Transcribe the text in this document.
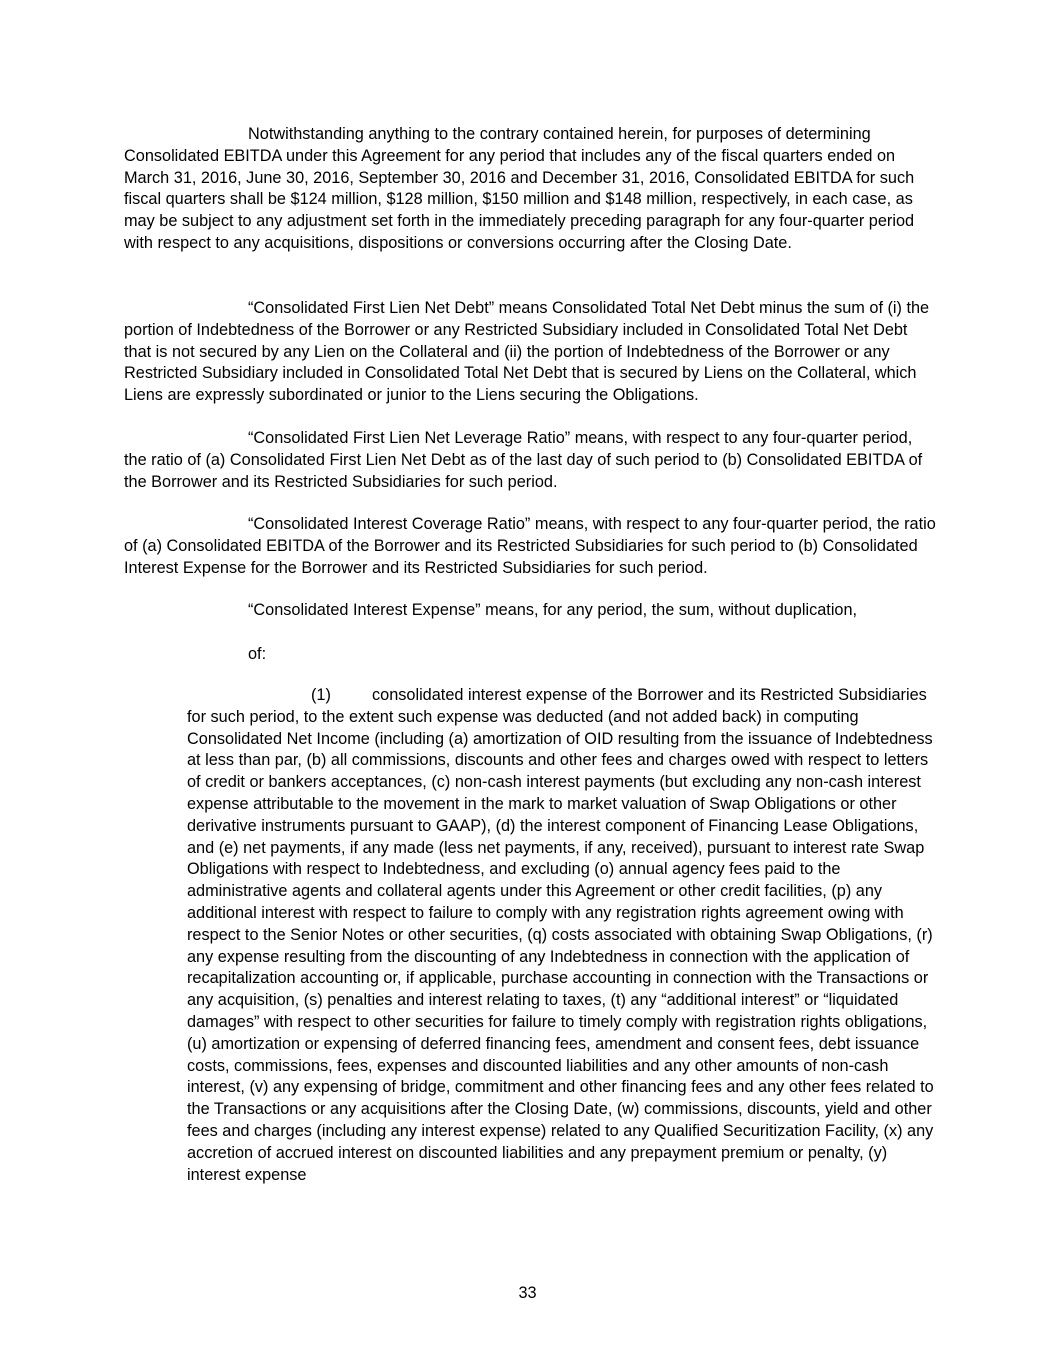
Notwithstanding anything to the contrary contained herein, for purposes of determining Consolidated EBITDA under this Agreement for any period that includes any of the fiscal quarters ended on March 31, 2016, June 30, 2016, September 30, 2016 and December 31, 2016, Consolidated EBITDA for such fiscal quarters shall be $124 million, $128 million, $150 million and $148 million, respectively, in each case, as may be subject to any adjustment set forth in the immediately preceding paragraph for any four-quarter period with respect to any acquisitions, dispositions or conversions occurring after the Closing Date.

“Consolidated First Lien Net Debt” means Consolidated Total Net Debt minus the sum of (i) the portion of Indebtedness of the Borrower or any Restricted Subsidiary included in Consolidated Total Net Debt that is not secured by any Lien on the Collateral and (ii) the portion of Indebtedness of the Borrower or any Restricted Subsidiary included in Consolidated Total Net Debt that is secured by Liens on the Collateral, which Liens are expressly subordinated or junior to the Liens securing the Obligations.

“Consolidated First Lien Net Leverage Ratio” means, with respect to any four-quarter period, the ratio of (a) Consolidated First Lien Net Debt as of the last day of such period to (b) Consolidated EBITDA of the Borrower and its Restricted Subsidiaries for such period.

“Consolidated Interest Coverage Ratio” means, with respect to any four-quarter period, the ratio of (a) Consolidated EBITDA of the Borrower and its Restricted Subsidiaries for such period to (b) Consolidated Interest Expense for the Borrower and its Restricted Subsidiaries for such period.

“Consolidated Interest Expense” means, for any period, the sum, without duplication,

of:

(1)	consolidated interest expense of the Borrower and its Restricted Subsidiaries for such period, to the extent such expense was deducted (and not added back) in computing Consolidated Net Income (including (a) amortization of OID resulting from the issuance of Indebtedness at less than par, (b) all commissions, discounts and other fees and charges owed with respect to letters of credit or bankers acceptances, (c) non-cash interest payments (but excluding any non-cash interest expense attributable to the movement in the mark to market valuation of Swap Obligations or other derivative instruments pursuant to GAAP), (d) the interest component of Financing Lease Obligations, and (e) net payments, if any made (less net payments, if any, received), pursuant to interest rate Swap Obligations with respect to Indebtedness, and excluding (o) annual agency fees paid to the administrative agents and collateral agents under this Agreement or other credit facilities, (p) any additional interest with respect to failure to comply with any registration rights agreement owing with respect to the Senior Notes or other securities, (q) costs associated with obtaining Swap Obligations, (r) any expense resulting from the discounting of any Indebtedness in connection with the application of recapitalization accounting or, if applicable, purchase accounting in connection with the Transactions or any acquisition, (s) penalties and interest relating to taxes, (t) any “additional interest” or “liquidated damages” with respect to other securities for failure to timely comply with registration rights obligations, (u) amortization or expensing of deferred financing fees, amendment and consent fees, debt issuance costs, commissions, fees, expenses and discounted liabilities and any other amounts of non-cash interest, (v) any expensing of bridge, commitment and other financing fees and any other fees related to the Transactions or any acquisitions after the Closing Date, (w) commissions, discounts, yield and other fees and charges (including any interest expense) related to any Qualified Securitization Facility, (x) any accretion of accrued interest on discounted liabilities and any prepayment premium or penalty, (y) interest expense

33
